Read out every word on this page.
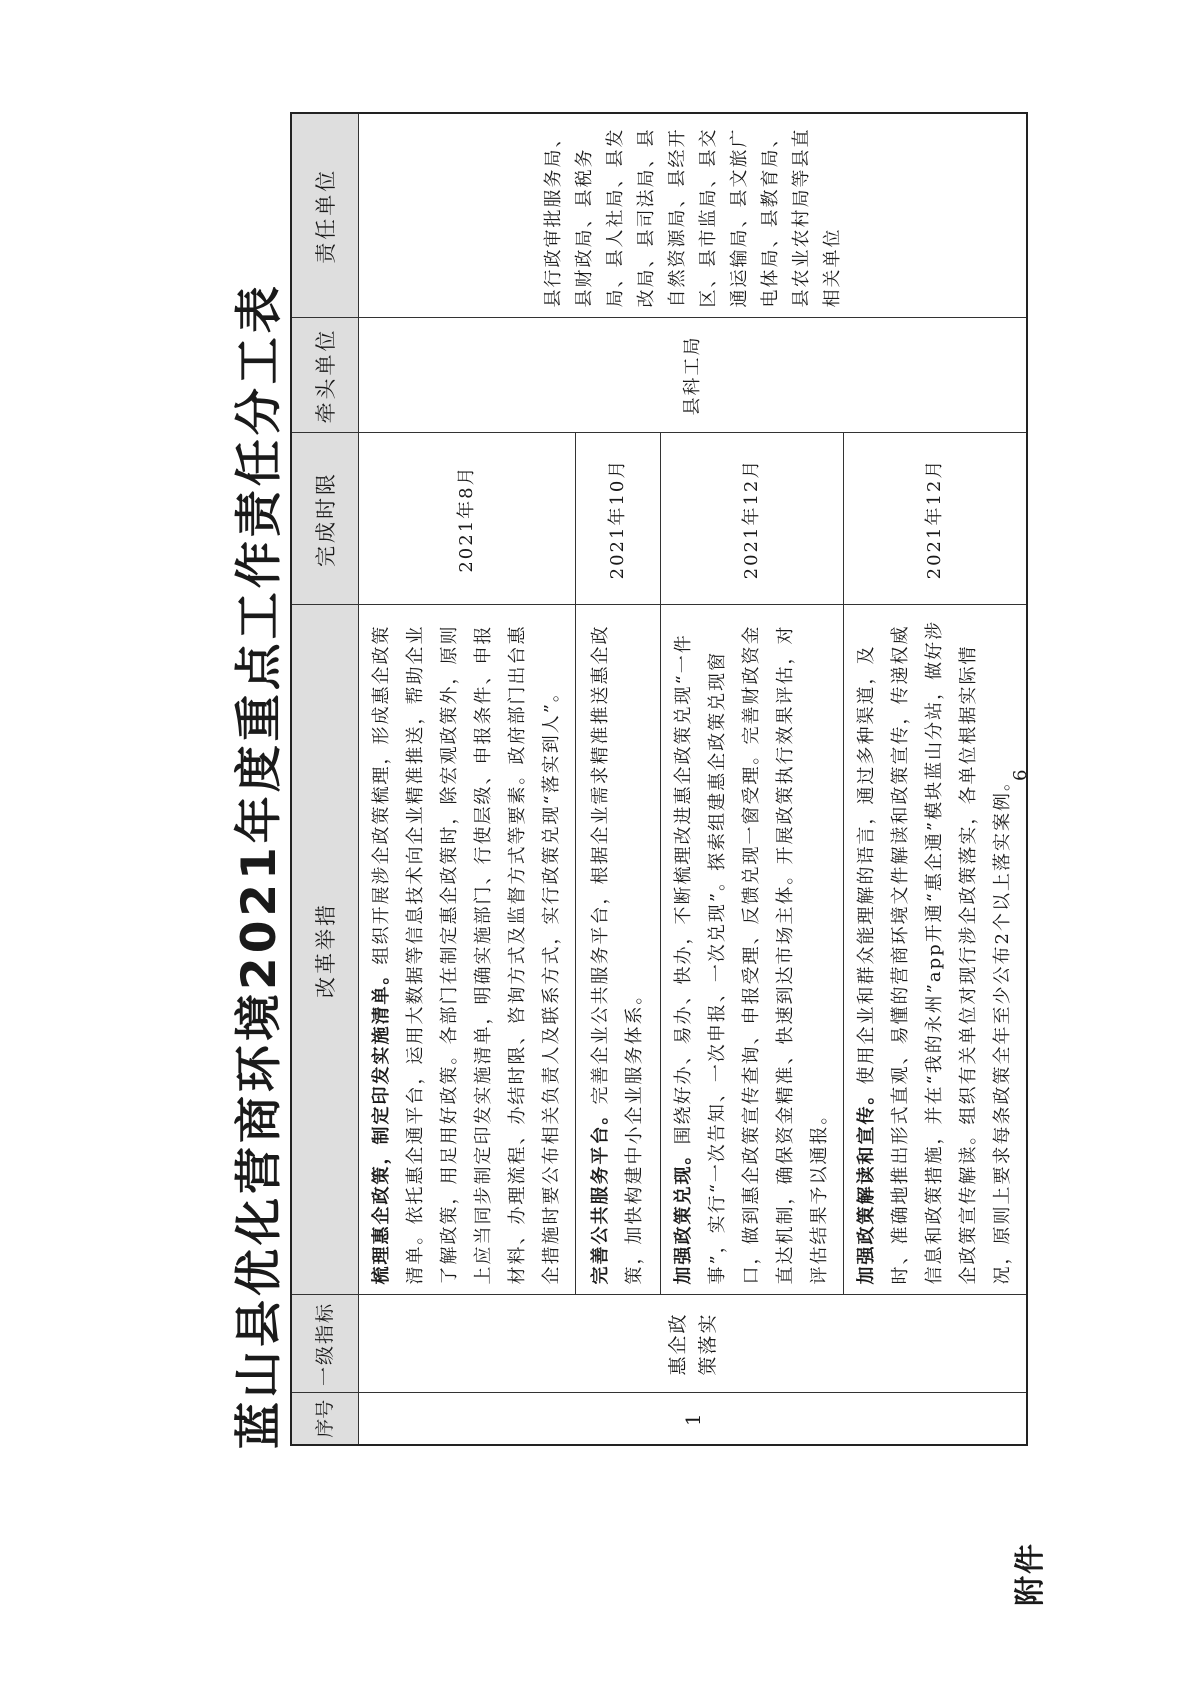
附件
蓝山县优化营商环境2021年度重点工作责任分工表 序号	一级指标	改革举措	完成时限	牵头单位	责任单位
1	惠企政策落实	梳理惠企政策，制定印发实施清单。组织开展涉企政策梳理，形成惠企政策清单。依托惠企通平台，运用大数据等信息技术向企业精准推送，帮助企业了解政策，用足用好政策。各部门在制定惠企政策时，除宏观政策外，原则上应当同步制定印发实施清单，明确实施部门、行使层级、申报条件、申报材料、办理流程、办结时限、咨询方式及监督方式等要素。政府部门出台惠企措施时要公布相关负责人及联系方式，实行政策兑现“落实到人”。	2021年8月	县科工局	县行政审批服务局、县财政局、县税务局、县人社局、县发改局、县司法局、县自然资源局、县经开区、县市监局、县交通运输局、县文旅广电体局、县教育局、县农业农村局等县直相关单位
		完善公共服务平台。完善企业公共服务平台，根据企业需求精准推送惠企政策，加快构建中小企业服务体系。	2021年10月		
		加强政策兑现。围绕好办、易办、快办，不断梳理改进惠企政策兑现“一件事”，实行“一次告知、一次申报、一次兑现”。探索组建惠企政策兑现窗口，做到惠企政策宣传查询、申报受理、反馈兑现一窗受理。完善财政资金直达机制，确保资金精准、快速到达市场主体。开展政策执行效果评估，对评估结果予以通报。	2021年12月		
		加强政策解读和宣传。使用企业和群众能理解的语言，通过多种渠道，及时、准确地推出形式直观、易懂的营商环境文件解读和政策宣传，传递权威信息和政策措施，并在“我的永州”app开通“惠企通”模块蓝山分站，做好涉企政策宣传解读。组织有关单位对现行涉企政策落实，各单位根据实际情况，原则上要求每条政策全年至少公布2个以上落实案例。	2021年12月		
6
